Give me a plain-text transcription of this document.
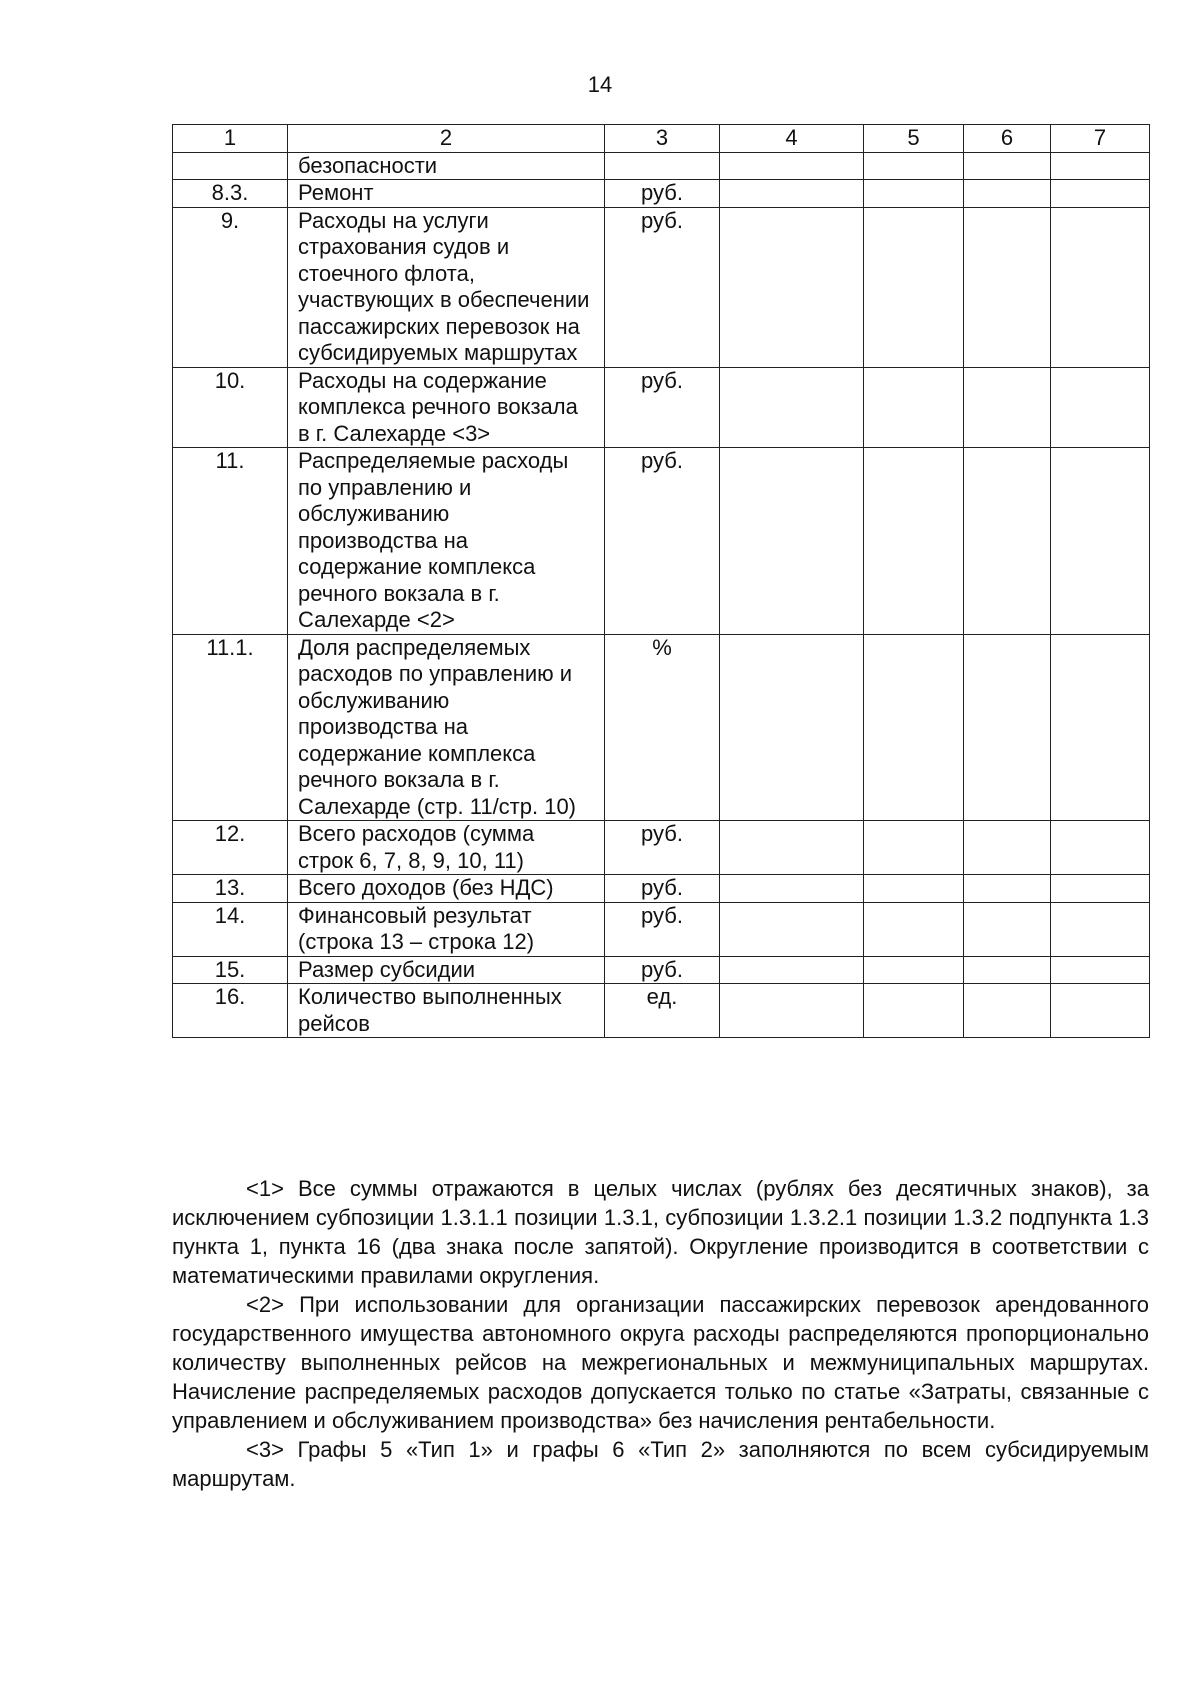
14
1	2	3	4	5	6	7
	безопасности					
8.3.	Ремонт	руб.				
9.	Расходы на услуги страхования судов и стоечного флота, участвующих в обеспечении пассажирских перевозок на субсидируемых маршрутах	руб.				
10.	Расходы на содержание комплекса речного вокзала в г. Салехарде <3>	руб.				
11.	Распределяемые расходы по управлению и обслуживанию производства на содержание комплекса речного вокзала в г. Салехарде <2>	руб.				
11.1.	Доля распределяемых расходов по управлению и обслуживанию производства на содержание комплекса речного вокзала в г. Салехарде (стр. 11/стр. 10)	%				
12.	Всего расходов (сумма строк 6, 7, 8, 9, 10, 11)	руб.				
13.	Всего доходов (без НДС)	руб.				
14.	Финансовый результат (строка 13 – строка 12)	руб.				
15.	Размер субсидии	руб.				
16.	Количество выполненных рейсов	ед.				

<1> Все суммы отражаются в целых числах (рублях без десятичных знаков), за исключением субпозиции 1.3.1.1 позиции 1.3.1, субпозиции 1.3.2.1 позиции 1.3.2 подпункта 1.3 пункта 1, пункта 16 (два знака после запятой). Округление производится в соответствии с математическими правилами округления.

<2> При использовании для организации пассажирских перевозок арендованного государственного имущества автономного округа расходы распределяются пропорционально количеству выполненных рейсов на межрегиональных и межмуниципальных маршрутах. Начисление распределяемых расходов допускается только по статье «Затраты, связанные с управлением и обслуживанием производства» без начисления рентабельности.

<3> Графы 5 «Тип 1» и графы 6 «Тип 2» заполняются по всем субсидируемым маршрутам.
